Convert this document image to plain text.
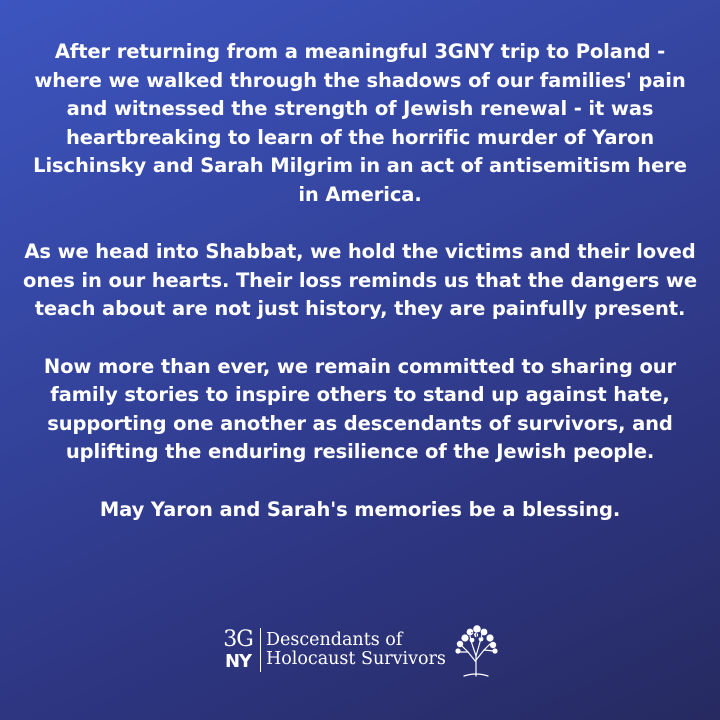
After returning from a meaningful 3GNY trip to Poland - where we walked through the shadows of our families' pain and witnessed the strength of Jewish renewal - it was heartbreaking to learn of the horrific murder of Yaron Lischinsky and Sarah Milgrim in an act of antisemitism here in America.

As we head into Shabbat, we hold the victims and their loved ones in our hearts. Their loss reminds us that the dangers we teach about are not just history, they are painfully present.

Now more than ever, we remain committed to sharing our family stories to inspire others to stand up against hate, supporting one another as descendants of survivors, and uplifting the enduring resilience of the Jewish people.

May Yaron and Sarah's memories be a blessing.

3G
NY
Descendants of
Holocaust Survivors
3G
